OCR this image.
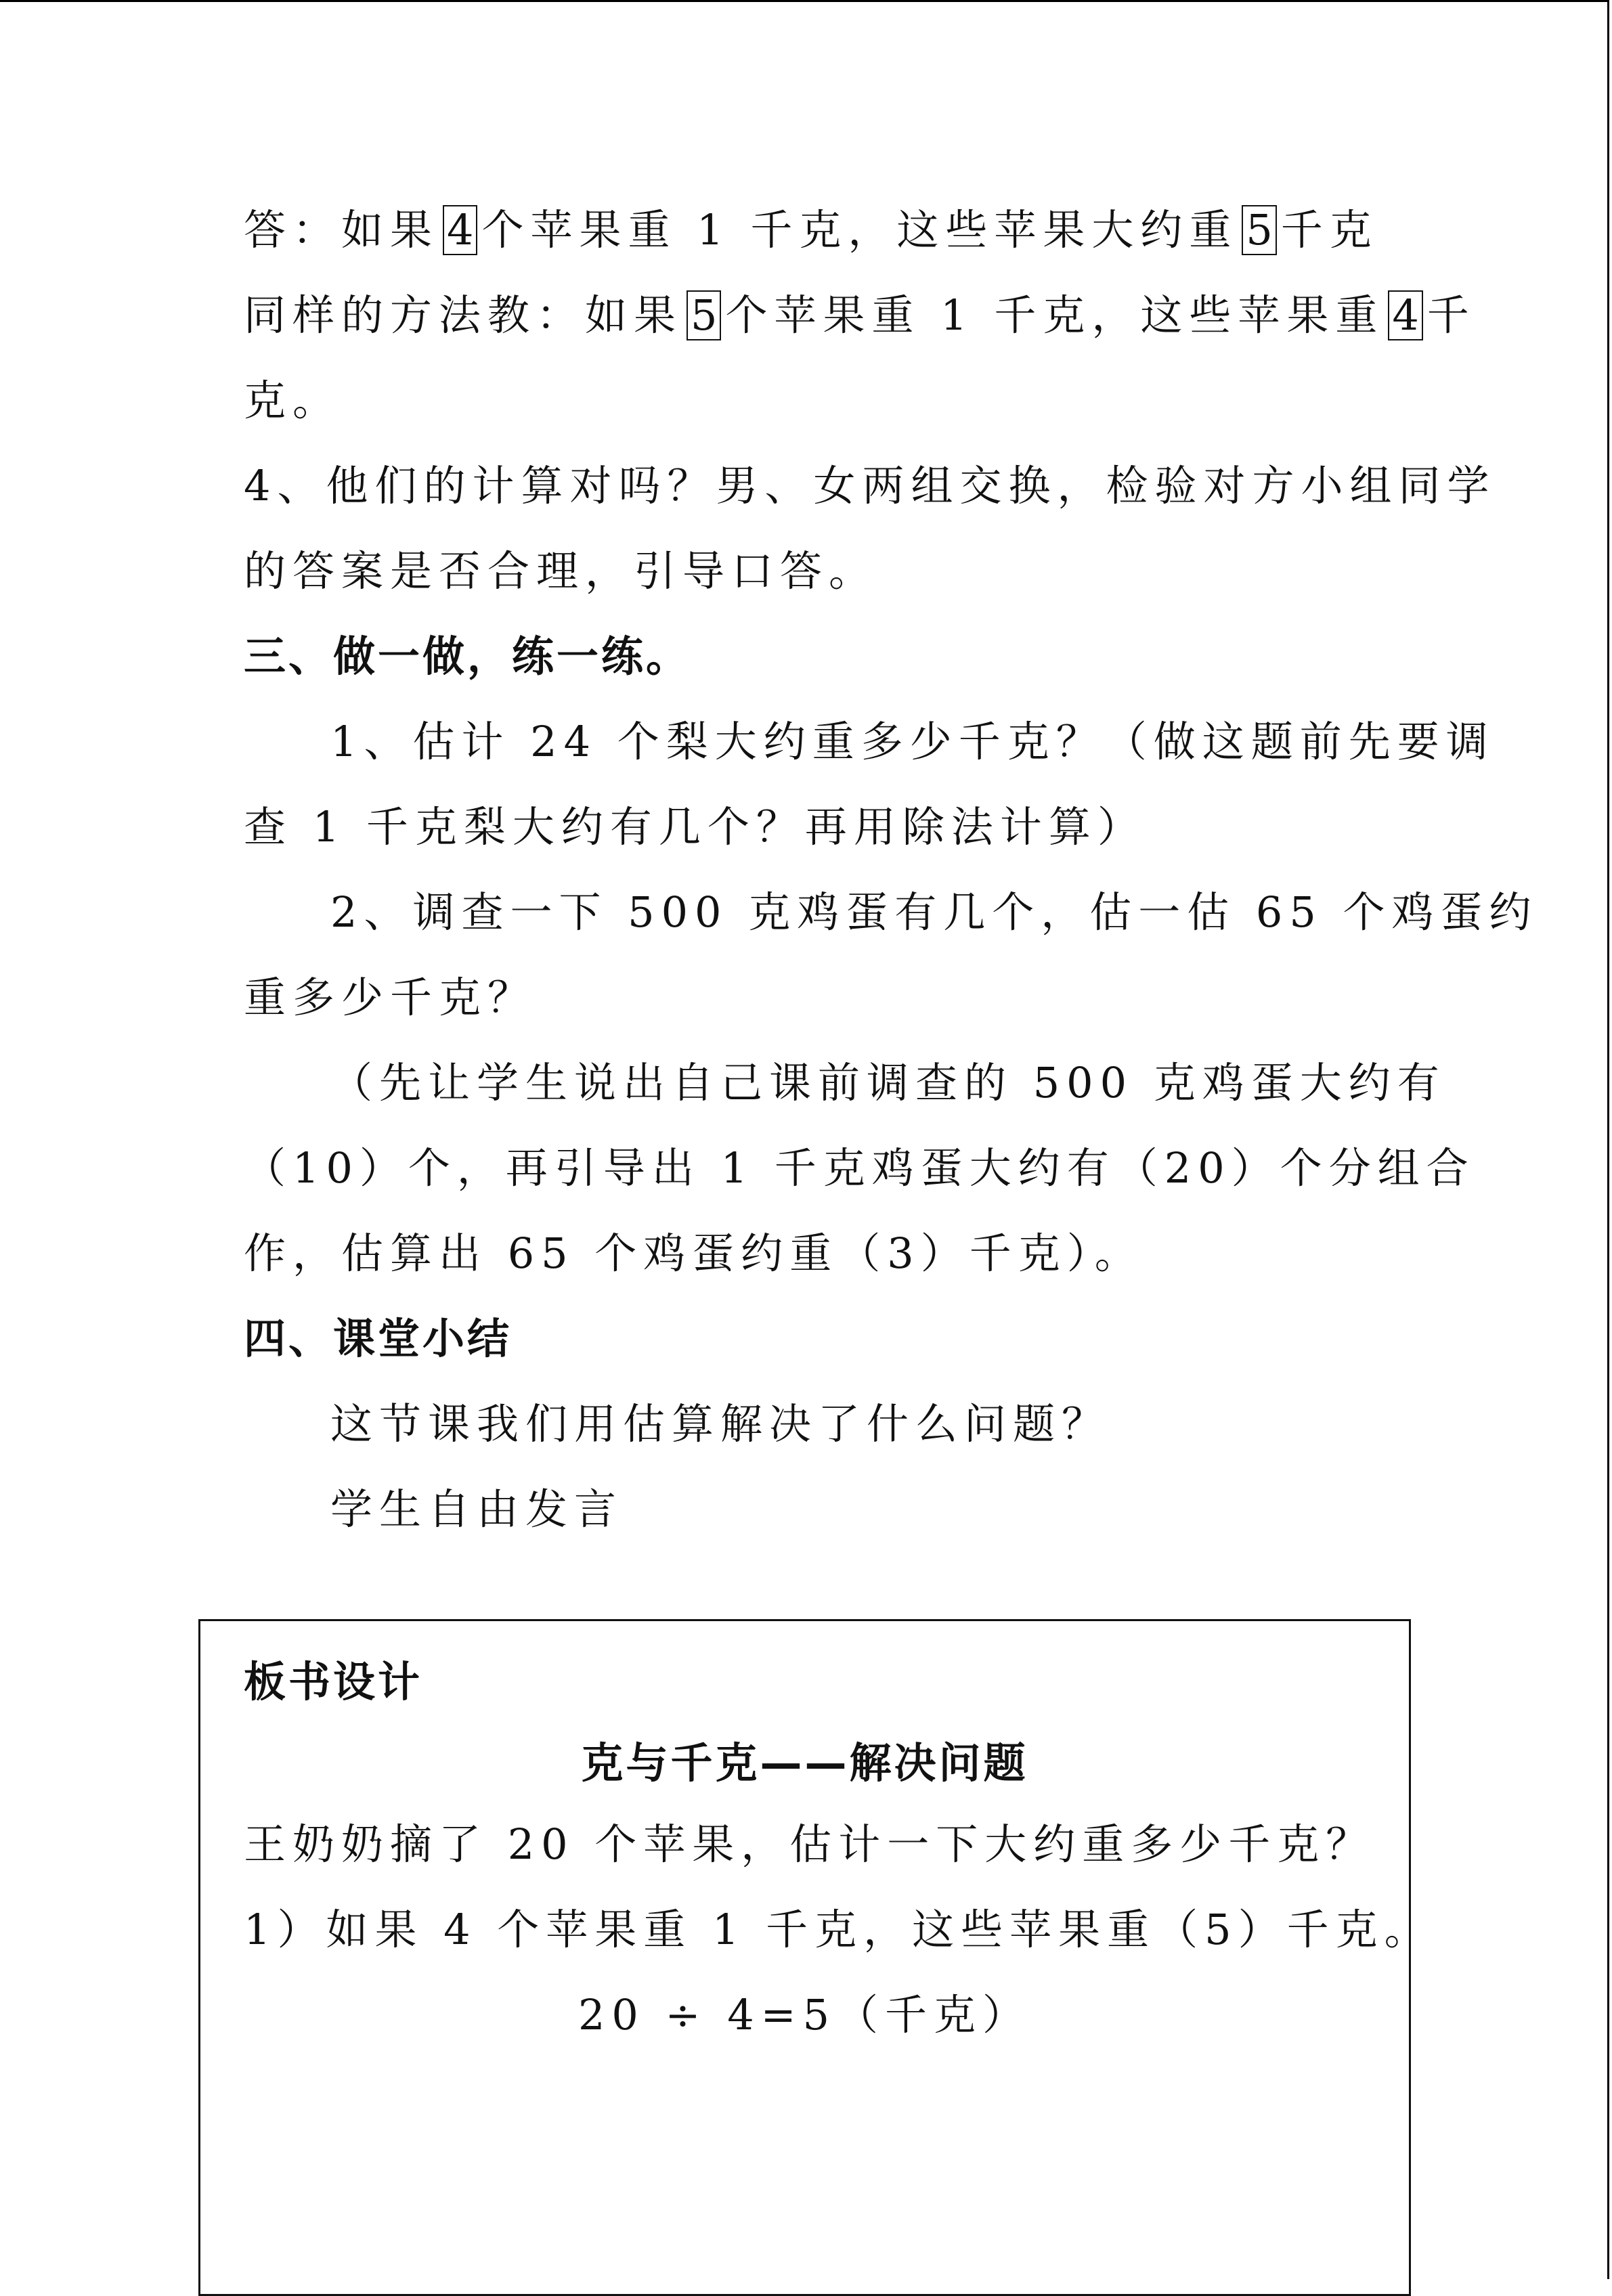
答：如果 4 个苹果重 1 千克，这些苹果大约重 5 千克
同样的方法教：如果 5 个苹果重 1 千克，这些苹果重 4 千
克。
4、他们的计算对吗？男、女两组交换，检验对方小组同学
的答案是否合理，引导口答。
三、做一做，练一练。
1、估计 24 个梨大约重多少千克？（做这题前先要调
查 1 千克梨大约有几个？再用除法计算）
2、调查一下 500 克鸡蛋有几个，估一估 65 个鸡蛋约
重多少千克？
（先让学生说出自己课前调查的 500 克鸡蛋大约有
（10）个，再引导出 1 千克鸡蛋大约有（20）个分组合
作，估算出 65 个鸡蛋约重（3）千克）。
四、课堂小结
这节课我们用估算解决了什么问题？
学生自由发言
板书设计
克与千克——解决问题
王奶奶摘了 20 个苹果，估计一下大约重多少千克？
1）如果 4 个苹果重 1 千克，这些苹果重（5）千克。
20 ÷ 4=5（千克）
